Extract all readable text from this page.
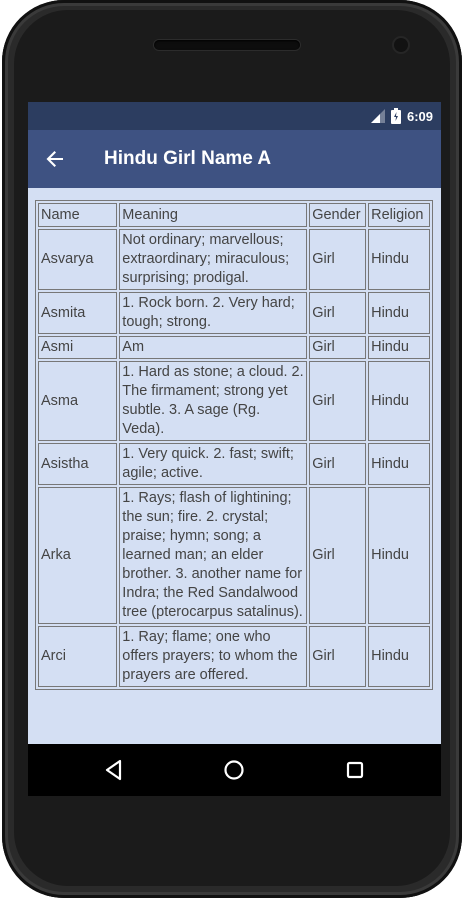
6:09
Hindu Girl Name A
Name	Meaning	Gender	Religion
Asvarya	Not ordinary; marvellous; extraordinary; miraculous; surprising; prodigal.	Girl	Hindu
Asmita	1. Rock born. 2. Very hard; tough; strong.	Girl	Hindu
Asmi	Am	Girl	Hindu
Asma	1. Hard as stone; a cloud. 2. The firmament; strong yet subtle. 3. A sage (Rg. Veda).	Girl	Hindu
Asistha	1. Very quick. 2. fast; swift; agile; active.	Girl	Hindu
Arka	1. Rays; flash of lightining; the sun; fire. 2. crystal; praise; hymn; song; a learned man; an elder brother. 3. another name for Indra; the Red Sandalwood tree (pterocarpus satalinus).	Girl	Hindu
Arci	1. Ray; flame; one who offers prayers; to whom the prayers are offered.	Girl	Hindu
